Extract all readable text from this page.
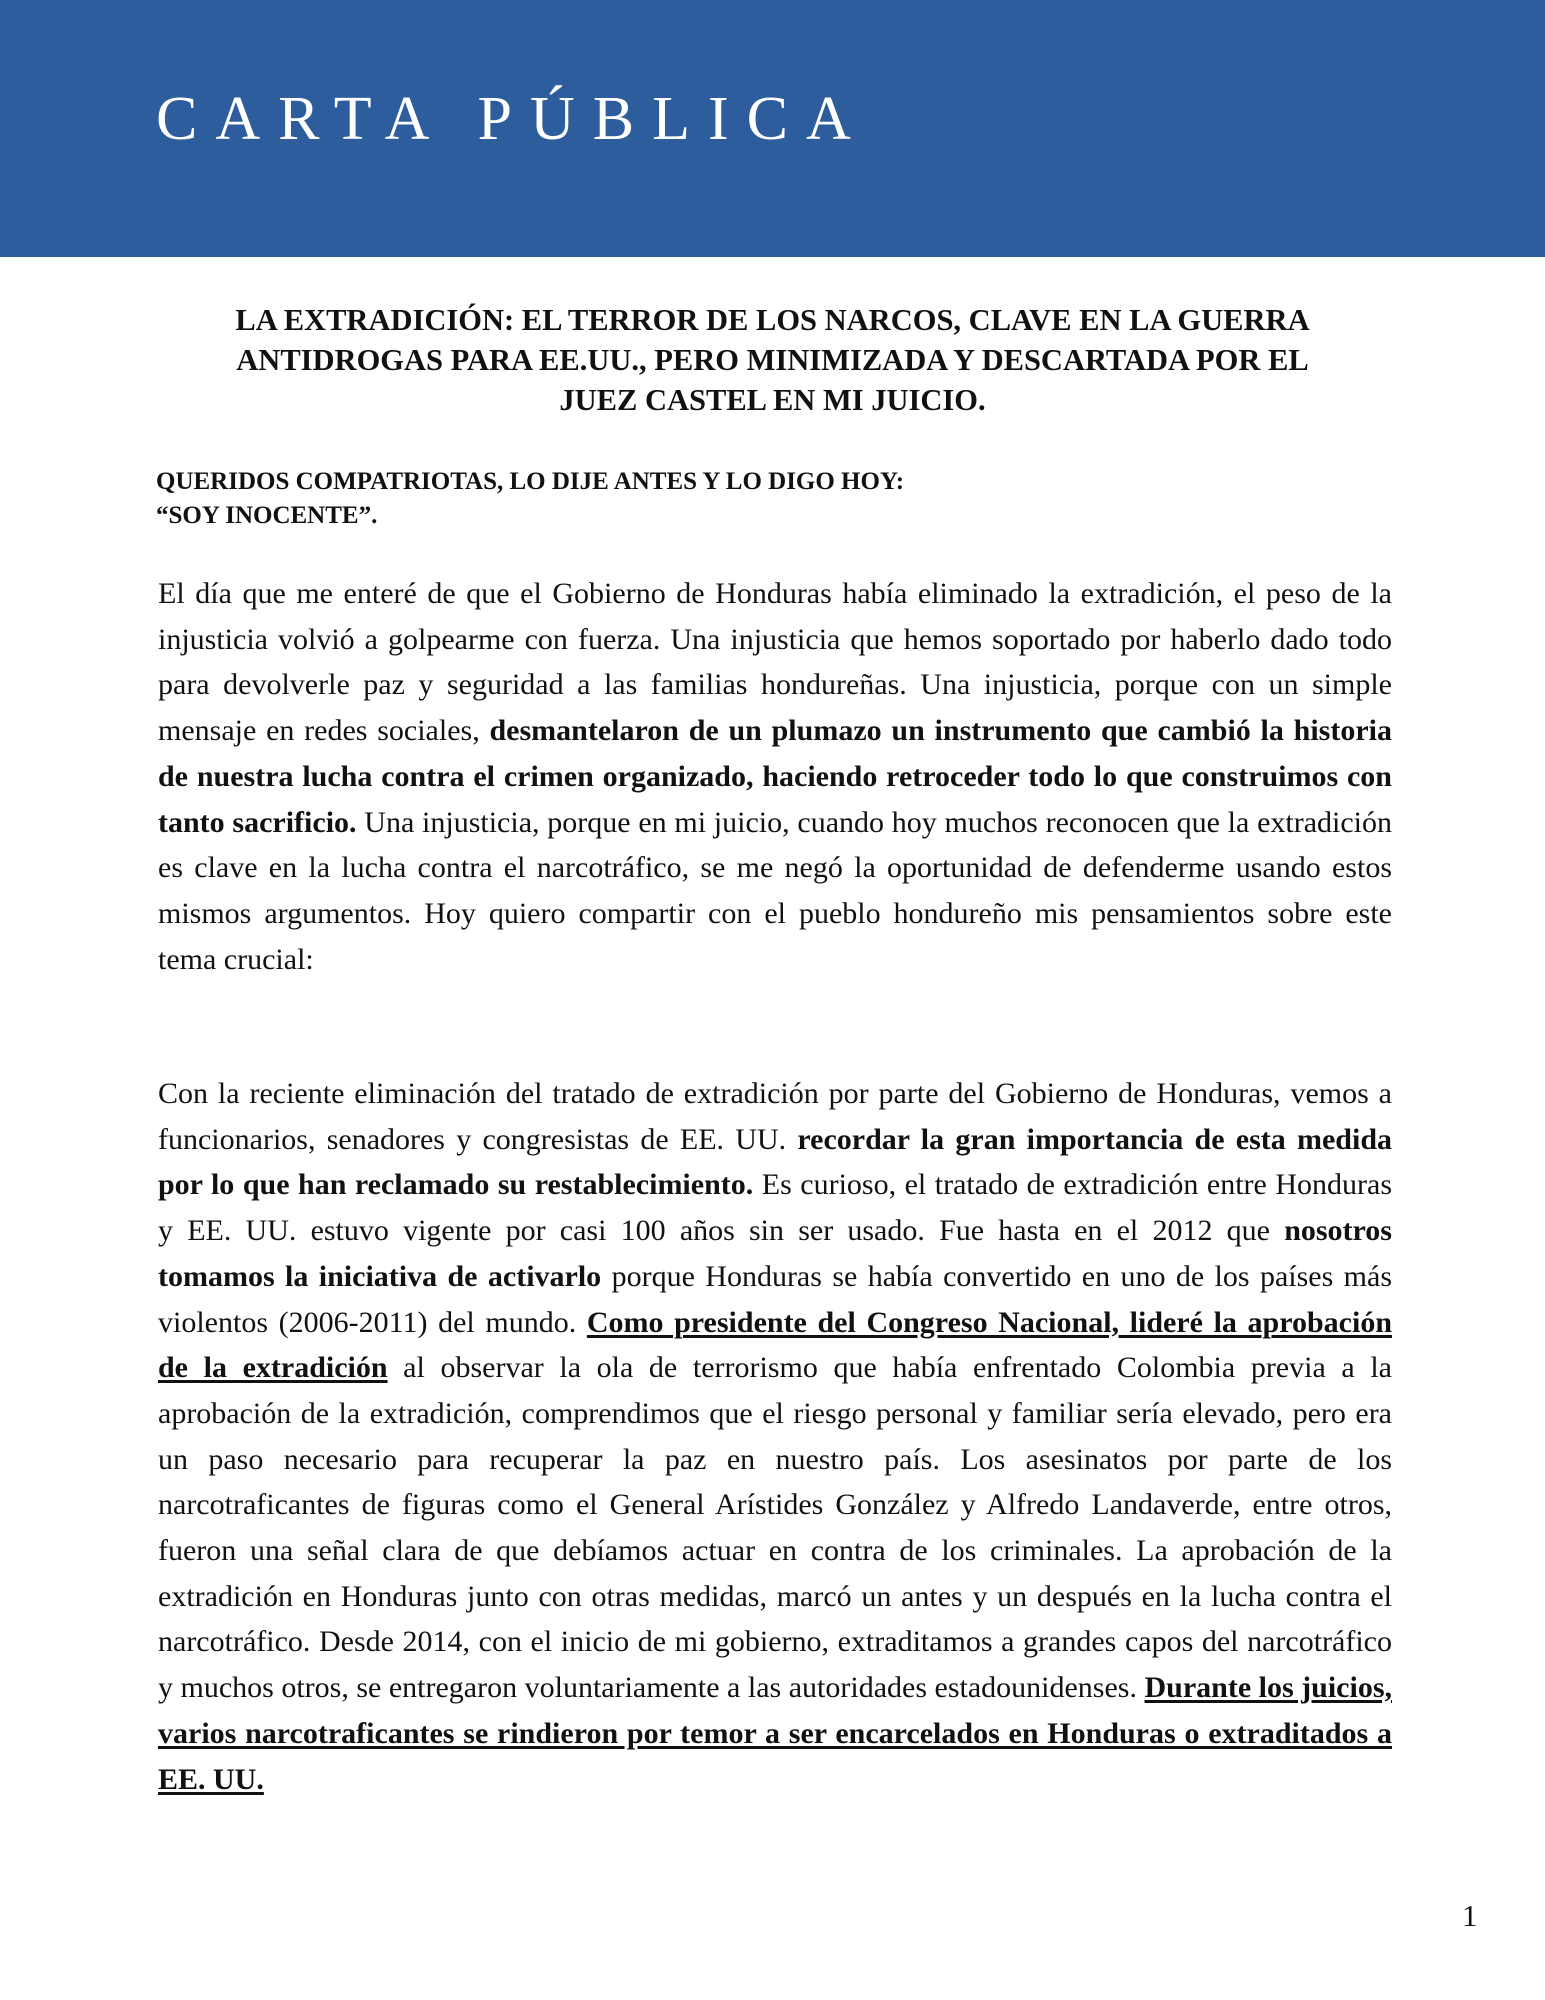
CARTA PÚBLICA
LA EXTRADICIÓN: EL TERROR DE LOS NARCOS, CLAVE EN LA GUERRA
ANTIDROGAS PARA EE.UU., PERO MINIMIZADA Y DESCARTADA POR EL
JUEZ CASTEL EN MI JUICIO.

QUERIDOS COMPATRIOTAS, LO DIJE ANTES Y LO DIGO HOY:
“SOY INOCENTE”.

El día que me enteré de que el Gobierno de Honduras había eliminado la extradición, el peso de la injusticia volvió a golpearme con fuerza. Una injusticia que hemos soportado por haberlo dado todo para devolverle paz y seguridad a las familias hondureñas. Una injusticia, porque con un simple mensaje en redes sociales, desmantelaron de un plumazo un instrumento que cambió la historia de nuestra lucha contra el crimen organizado, haciendo retroceder todo lo que construimos con tanto sacrificio. Una injusticia, porque en mi juicio, cuando hoy muchos reconocen que la extradición es clave en la lucha contra el narcotráfico, se me negó la oportunidad de defenderme usando estos mismos argumentos. Hoy quiero compartir con el pueblo hondureño mis pensamientos sobre este tema crucial:

Con la reciente eliminación del tratado de extradición por parte del Gobierno de Honduras, vemos a funcionarios, senadores y congresistas de EE. UU. recordar la gran importancia de esta medida por lo que han reclamado su restablecimiento. Es curioso, el tratado de extradición entre Honduras y EE. UU. estuvo vigente por casi 100 años sin ser usado. Fue hasta en el 2012 que nosotros tomamos la iniciativa de activarlo porque Honduras se había convertido en uno de los países más violentos (2006-2011) del mundo. Como presidente del Congreso Nacional, lideré la aprobación de la extradición al observar la ola de terrorismo que había enfrentado Colombia previa a la aprobación de la extradición, comprendimos que el riesgo personal y familiar sería elevado, pero era un paso necesario para recuperar la paz en nuestro país. Los asesinatos por parte de los narcotraficantes de figuras como el General Arístides González y Alfredo Landaverde, entre otros, fueron una señal clara de que debíamos actuar en contra de los criminales. La aprobación de la extradición en Honduras junto con otras medidas, marcó un antes y un después en la lucha contra el narcotráfico. Desde 2014, con el inicio de mi gobierno, extraditamos a grandes capos del narcotráfico y muchos otros, se entregaron voluntariamente a las autoridades estadounidenses. Durante los juicios, varios narcotraficantes se rindieron por temor a ser encarcelados en Honduras o extraditados a EE. UU.

1
